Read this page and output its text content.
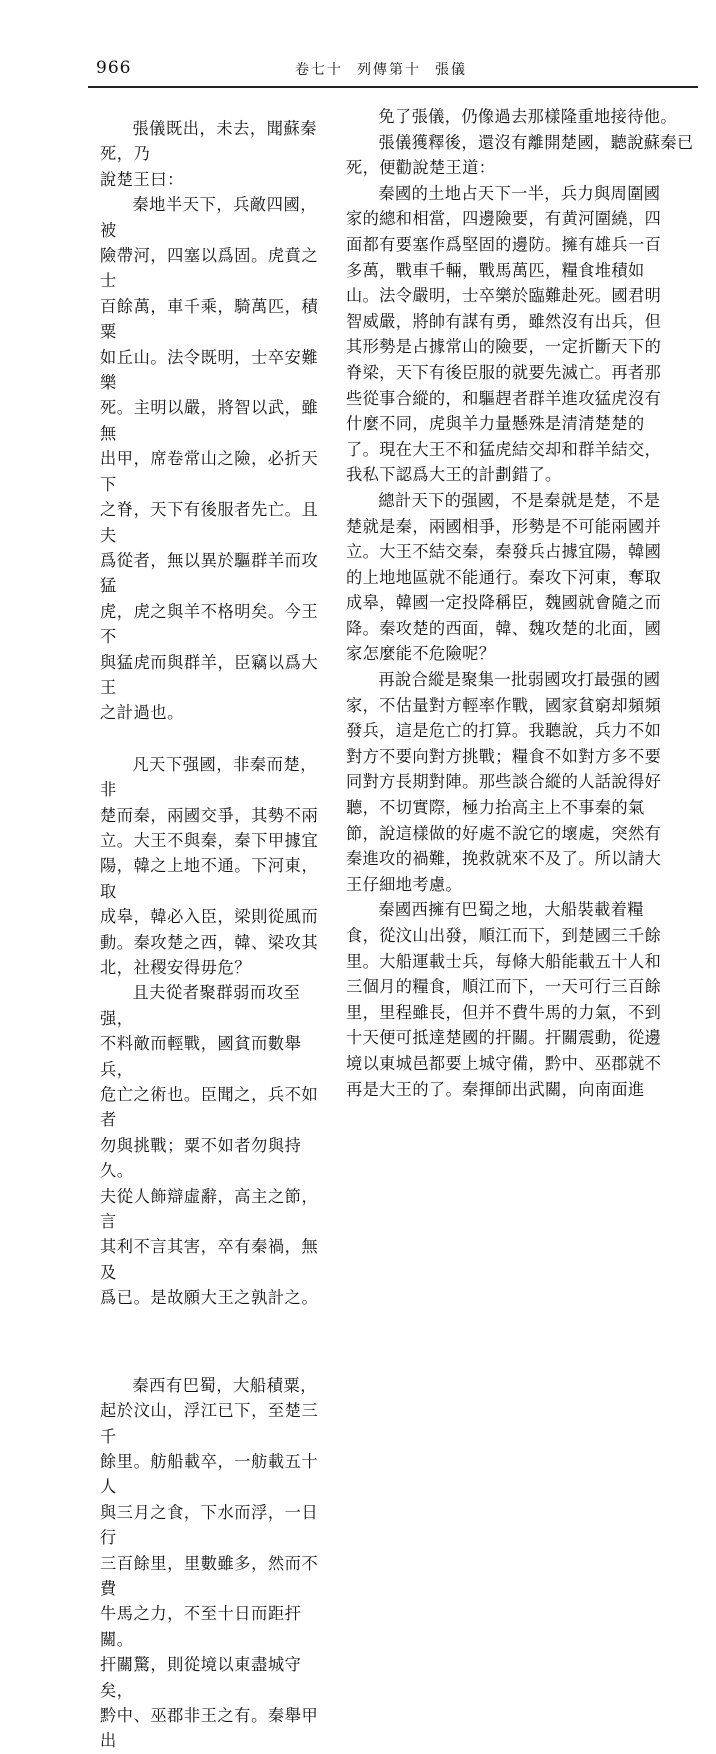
966	卷七十 列傳第十 張儀
張儀既出，未去，聞蘇秦死，乃
說楚王曰：
秦地半天下，兵敵四國，被
險帶河，四塞以爲固。虎賁之士
百餘萬，車千乘，騎萬匹，積粟
如丘山。法令既明，士卒安難樂
死。主明以嚴，將智以武，雖無
出甲，席卷常山之險，必折天下
之脊，天下有後服者先亡。且夫
爲從者，無以異於驅群羊而攻猛
虎，虎之與羊不格明矣。今王不
與猛虎而與群羊，臣竊以爲大王
之計過也。
凡天下强國，非秦而楚，非
楚而秦，兩國交爭，其勢不兩
立。大王不與秦，秦下甲據宜
陽，韓之上地不通。下河東，取
成皋，韓必入臣，梁則從風而
動。秦攻楚之西，韓、梁攻其
北，社稷安得毋危？
且夫從者聚群弱而攻至强，
不料敵而輕戰，國貧而數舉兵，
危亡之術也。臣聞之，兵不如者
勿與挑戰；粟不如者勿與持久。
夫從人飾辯虛辭，高主之節，言
其利不言其害，卒有秦禍，無及
爲已。是故願大王之孰計之。
秦西有巴蜀，大船積粟，
起於汶山，浮江已下，至楚三千
餘里。舫船載卒，一舫載五十人
與三月之食，下水而浮，一日行
三百餘里，里數雖多，然而不費
牛馬之力，不至十日而距扞關。
扞關驚，則從境以東盡城守矣，
黔中、巫郡非王之有。秦舉甲出
免了張儀，仍像過去那樣隆重地接待他。
張儀獲釋後，還沒有離開楚國，聽說蘇秦已
死，便勸說楚王道：
秦國的土地占天下一半，兵力與周圍國
家的總和相當，四邊險要，有黄河圍繞，四
面都有要塞作爲堅固的邊防。擁有雄兵一百
多萬，戰車千輛，戰馬萬匹，糧食堆積如
山。法令嚴明，士卒樂於臨難赴死。國君明
智威嚴，將帥有謀有勇，雖然沒有出兵，但
其形勢是占據常山的險要，一定折斷天下的
脊梁，天下有後臣服的就要先滅亡。再者那
些從事合縱的，和驅趕者群羊進攻猛虎沒有
什麼不同，虎與羊力量懸殊是清清楚楚的
了。現在大王不和猛虎結交却和群羊結交，
我私下認爲大王的計劃錯了。
總計天下的强國，不是秦就是楚，不是
楚就是秦，兩國相爭，形勢是不可能兩國并
立。大王不結交秦，秦發兵占據宜陽，韓國
的上地地區就不能通行。秦攻下河東，奪取
成皋，韓國一定投降稱臣，魏國就會隨之而
降。秦攻楚的西面，韓、魏攻楚的北面，國
家怎麼能不危險呢？
再說合縱是聚集一批弱國攻打最强的國
家，不估量對方輕率作戰，國家貧窮却頻頻
發兵，這是危亡的打算。我聽說，兵力不如
對方不要向對方挑戰；糧食不如對方多不要
同對方長期對陣。那些談合縱的人話說得好
聽，不切實際，極力抬高主上不事秦的氣
節，說這樣做的好處不說它的壞處，突然有
秦進攻的禍難，挽救就來不及了。所以請大
王仔細地考慮。
秦國西擁有巴蜀之地，大船裝載着糧
食，從汶山出發，順江而下，到楚國三千餘
里。大船運載士兵，每條大船能載五十人和
三個月的糧食，順江而下，一天可行三百餘
里，里程雖長，但并不費牛馬的力氣，不到
十天便可抵達楚國的扞關。扞關震動，從邊
境以東城邑都要上城守備，黔中、巫郡就不
再是大王的了。秦揮師出武關，向南面進
